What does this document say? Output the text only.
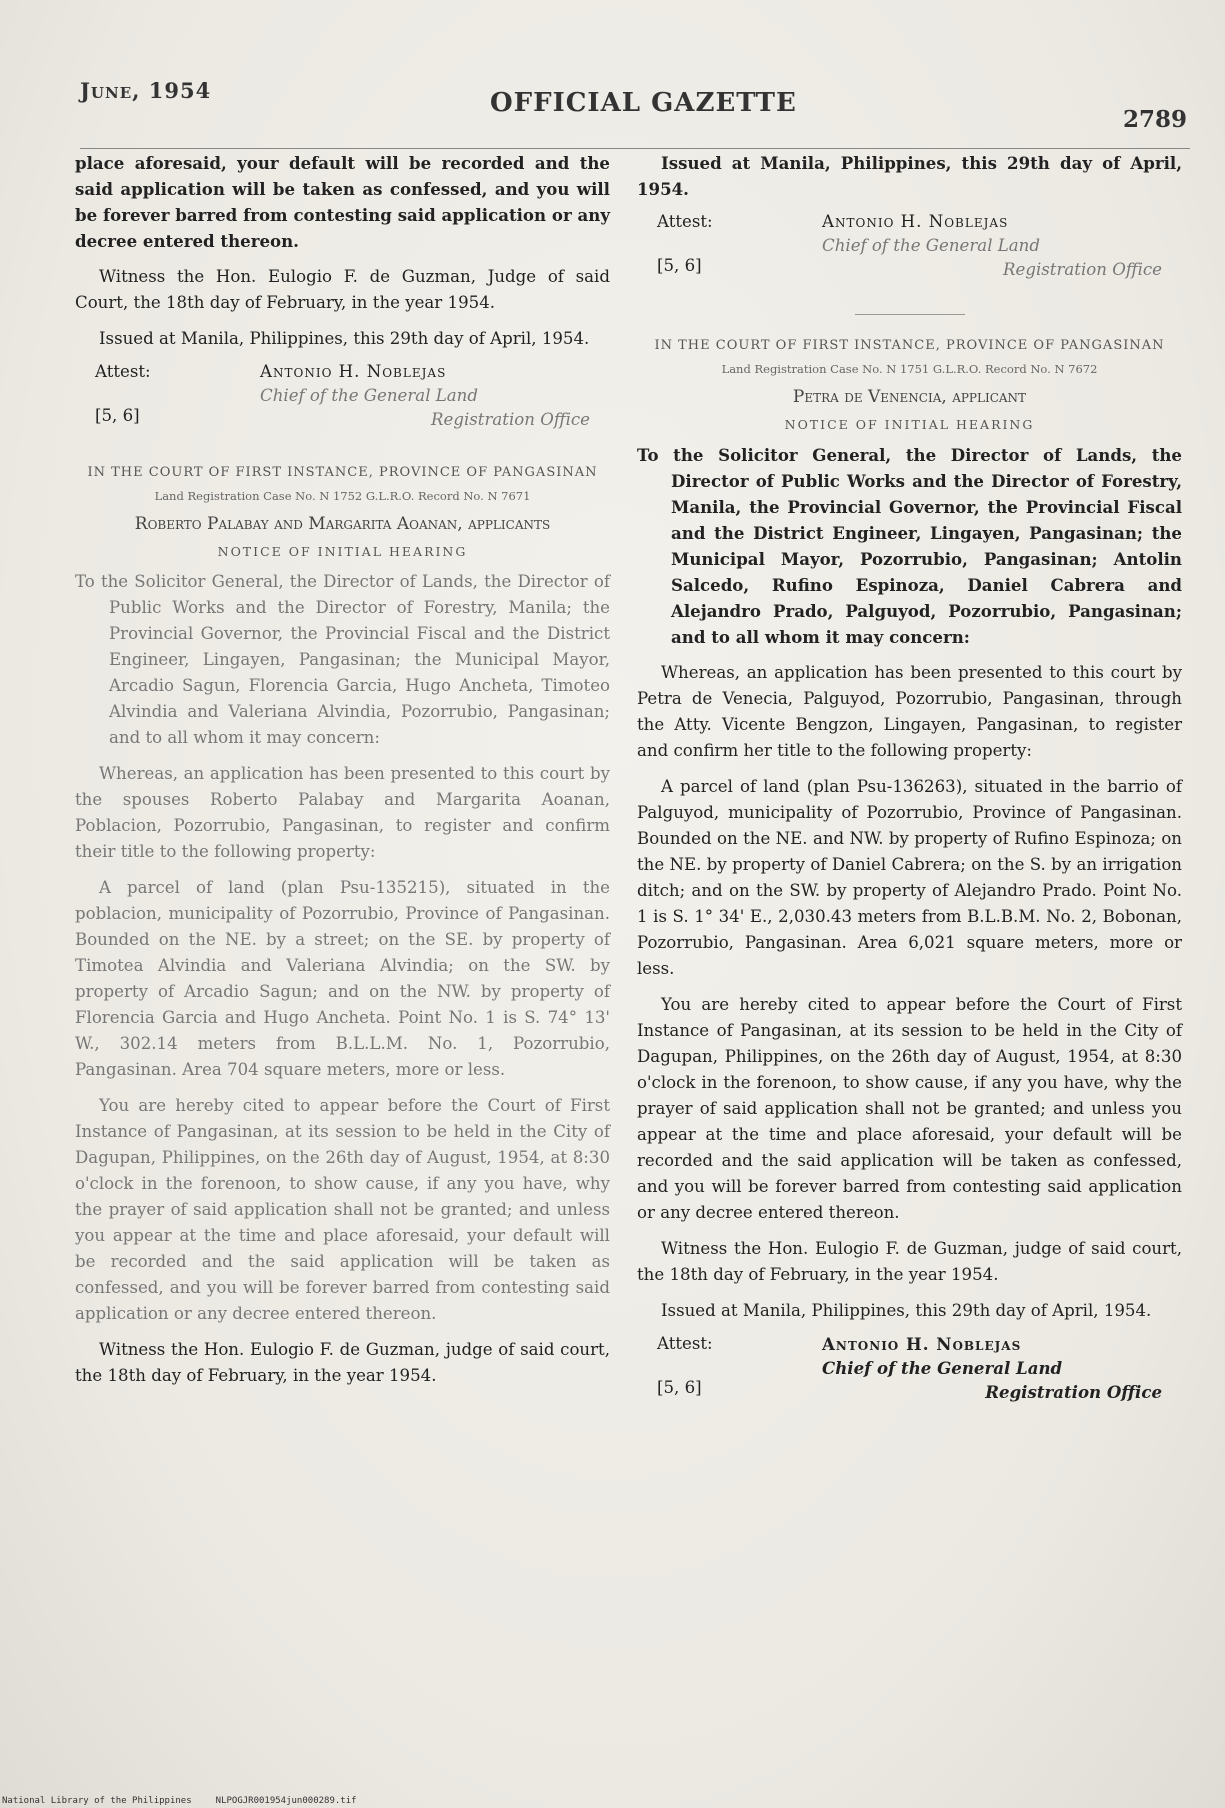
June, 1954	OFFICIAL GAZETTE
2789

place aforesaid, your default will be recorded and the said application will be taken as confessed, and you will be forever barred from contesting said application or any decree entered thereon.

Witness the Hon. Eulogio F. de Guzman, Judge of said Court, the 18th day of February, in the year 1954.

Issued at Manila, Philippines, this 29th day of April, 1954.

Attest:	Antonio H. Noblejas
Chief of the General Land
[5, 6]	Registration Office
IN THE COURT OF FIRST INSTANCE, PROVINCE OF PANGASINAN
Land Registration Case No. N 1752 G.L.R.O. Record No. N 7671
Roberto Palabay and Margarita Aoanan, applicants
NOTICE OF INITIAL HEARING

To the Solicitor General, the Director of Lands, the Director of Public Works and the Director of Forestry, Manila; the Provincial Governor, the Provincial Fiscal and the District Engineer, Lingayen, Pangasinan; the Municipal Mayor, Arcadio Sagun, Florencia Garcia, Hugo Ancheta, Timoteo Alvindia and Valeriana Alvindia, Pozorrubio, Pangasinan; and to all whom it may concern:

Whereas, an application has been presented to this court by the spouses Roberto Palabay and Margarita Aoanan, Poblacion, Pozorrubio, Pangasinan, to register and confirm their title to the following property:

A parcel of land (plan Psu-135215), situated in the poblacion, municipality of Pozorrubio, Province of Pangasinan. Bounded on the NE. by a street; on the SE. by property of Timotea Alvindia and Valeriana Alvindia; on the SW. by property of Arcadio Sagun; and on the NW. by property of Florencia Garcia and Hugo Ancheta. Point No. 1 is S. 74° 13' W., 302.14 meters from B.L.L.M. No. 1, Pozorrubio, Pangasinan. Area 704 square meters, more or less.

You are hereby cited to appear before the Court of First Instance of Pangasinan, at its session to be held in the City of Dagupan, Philippines, on the 26th day of August, 1954, at 8:30 o'clock in the forenoon, to show cause, if any you have, why the prayer of said application shall not be granted; and unless you appear at the time and place aforesaid, your default will be recorded and the said application will be taken as confessed, and you will be forever barred from contesting said application or any decree entered thereon.

Witness the Hon. Eulogio F. de Guzman, judge of said court, the 18th day of February, in the year 1954.

Issued at Manila, Philippines, this 29th day of April, 1954.

Attest:	Antonio H. Noblejas
Chief of the General Land
[5, 6]	Registration Office
IN THE COURT OF FIRST INSTANCE, PROVINCE OF PANGASINAN
Land Registration Case No. N 1751 G.L.R.O. Record No. N 7672
Petra de Venencia, applicant
NOTICE OF INITIAL HEARING

To the Solicitor General, the Director of Lands, the Director of Public Works and the Director of Forestry, Manila, the Provincial Governor, the Provincial Fiscal and the District Engineer, Lingayen, Pangasinan; the Municipal Mayor, Pozorrubio, Pangasinan; Antolin Salcedo, Rufino Espinoza, Daniel Cabrera and Alejandro Prado, Palguyod, Pozorrubio, Pangasinan; and to all whom it may concern:

Whereas, an application has been presented to this court by Petra de Venecia, Palguyod, Pozorrubio, Pangasinan, through the Atty. Vicente Bengzon, Lingayen, Pangasinan, to register and confirm her title to the following property:

A parcel of land (plan Psu-136263), situated in the barrio of Palguyod, municipality of Pozorrubio, Province of Pangasinan. Bounded on the NE. and NW. by property of Rufino Espinoza; on the NE. by property of Daniel Cabrera; on the S. by an irrigation ditch; and on the SW. by property of Alejandro Prado. Point No. 1 is S. 1° 34' E., 2,030.43 meters from B.L.B.M. No. 2, Bobonan, Pozorrubio, Pangasinan. Area 6,021 square meters, more or less.

You are hereby cited to appear before the Court of First Instance of Pangasinan, at its session to be held in the City of Dagupan, Philippines, on the 26th day of August, 1954, at 8:30 o'clock in the forenoon, to show cause, if any you have, why the prayer of said application shall not be granted; and unless you appear at the time and place aforesaid, your default will be recorded and the said application will be taken as confessed, and you will be forever barred from contesting said application or any decree entered thereon.

Witness the Hon. Eulogio F. de Guzman, judge of said court, the 18th day of February, in the year 1954.

Issued at Manila, Philippines, this 29th day of April, 1954.

Attest:	Antonio H. Noblejas
Chief of the General Land
[5, 6]	Registration Office
National Library of the Philippines	NLPOGJR001954jun000289.tif
